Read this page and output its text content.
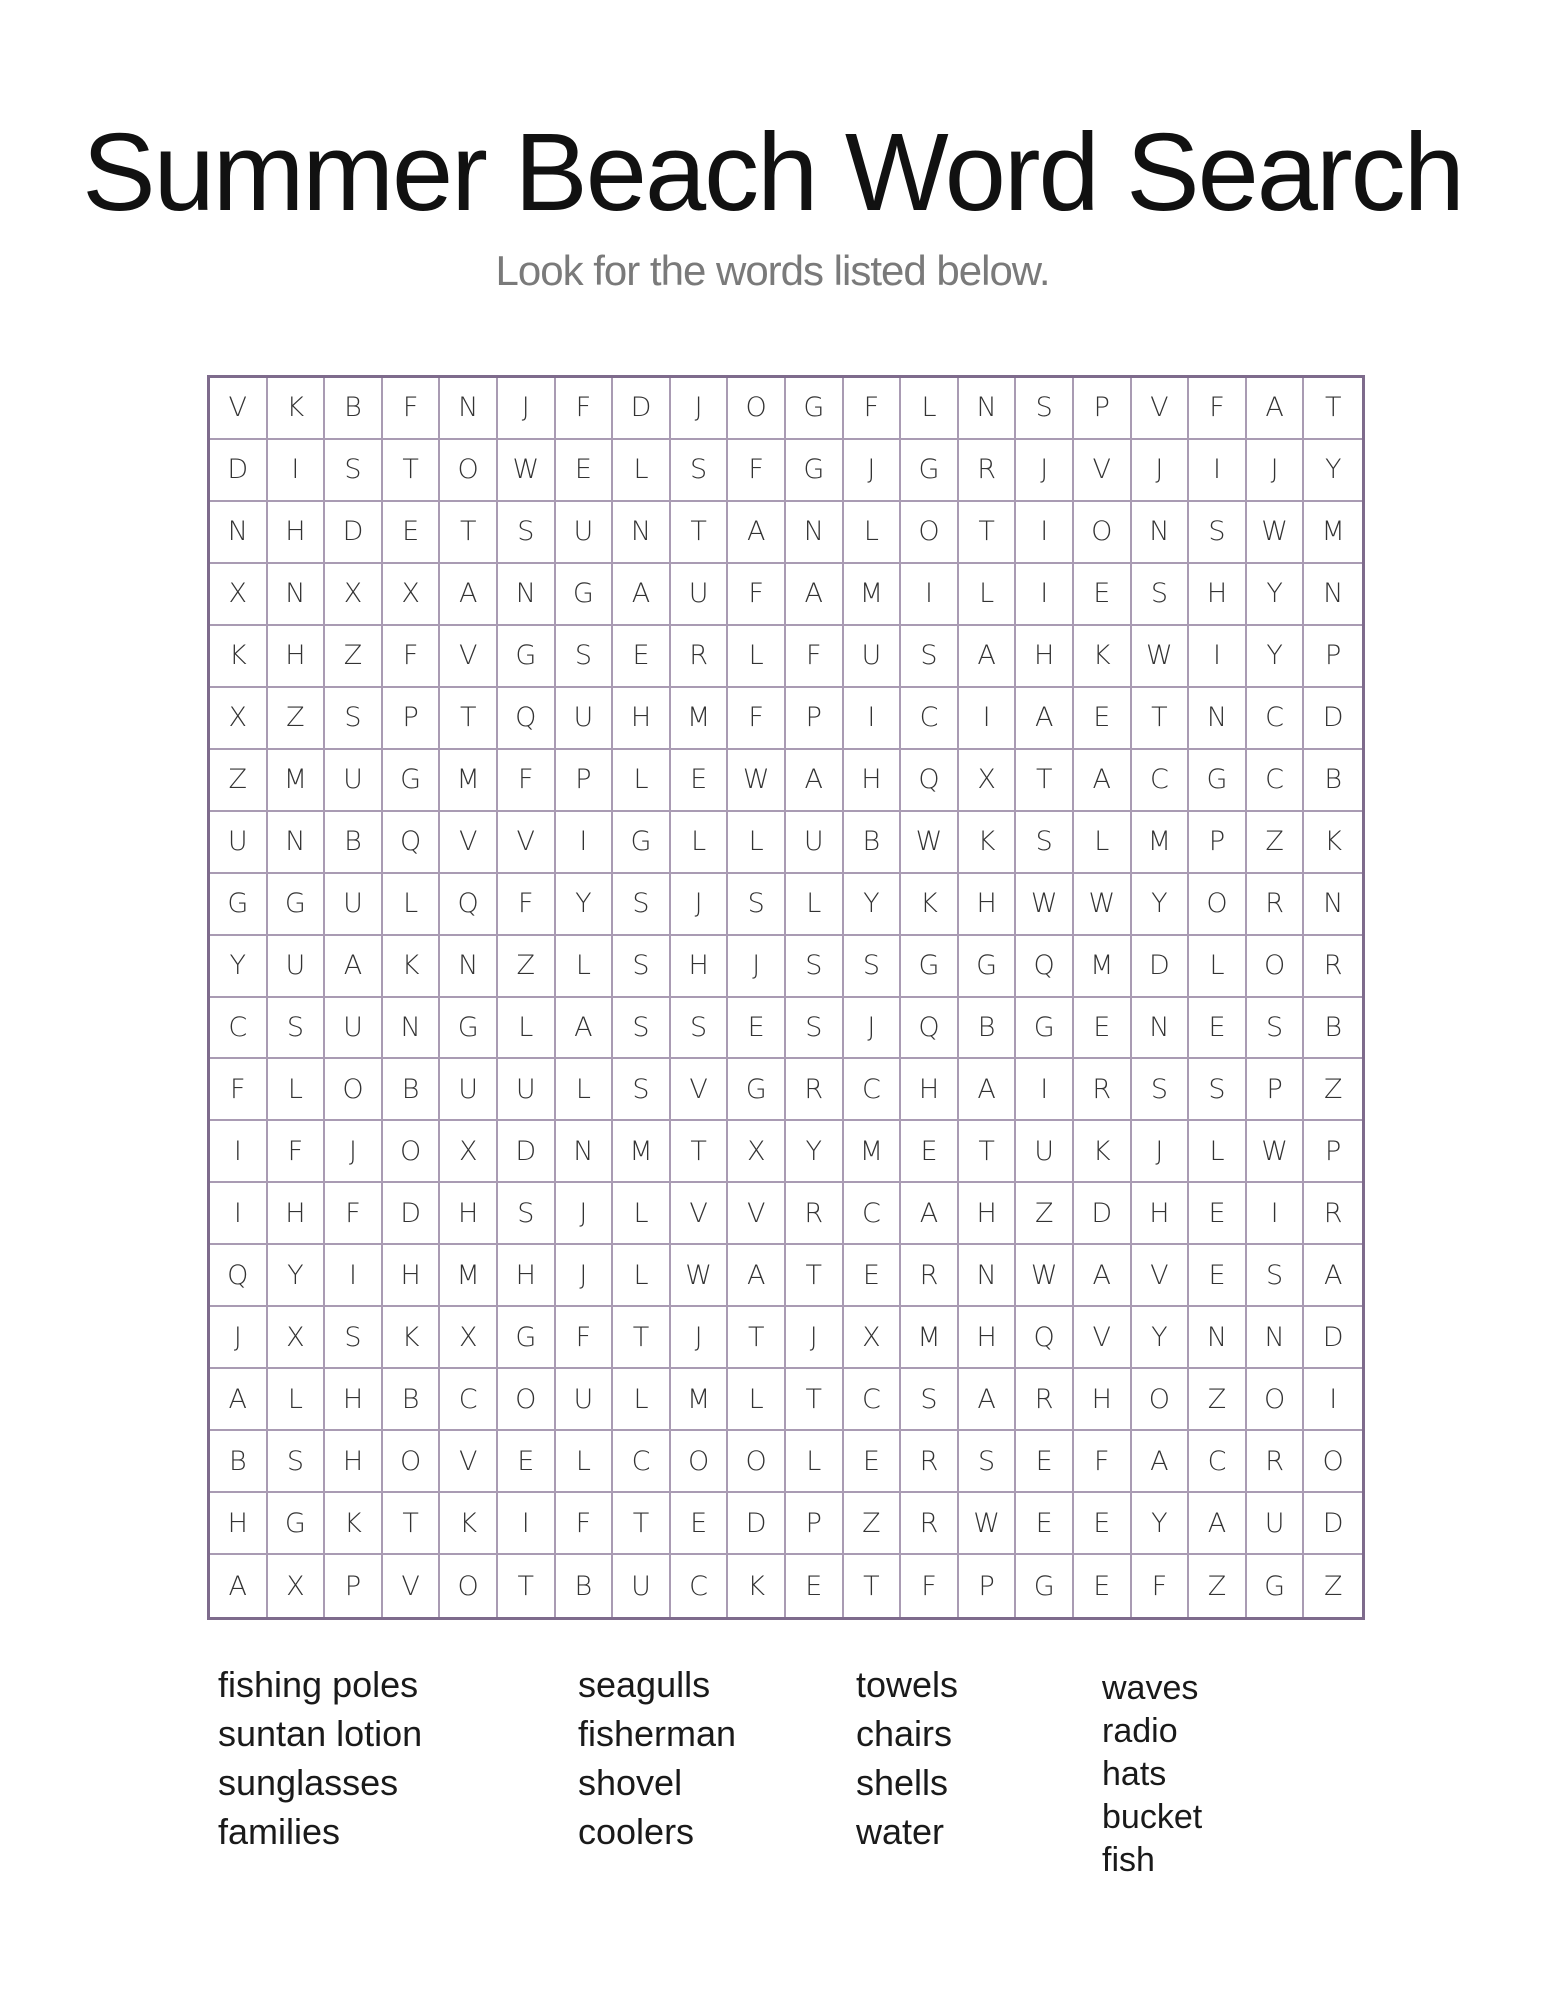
Summer Beach Word Search
Look for the words listed below.
V	K	B	F	N	J	F	D	J	O	G	F	L	N	S	P	V	F	A	T
D	I	S	T	O	W	E	L	S	F	G	J	G	R	J	V	J	I	J	Y
N	H	D	E	T	S	U	N	T	A	N	L	O	T	I	O	N	S	W	M
X	N	X	X	A	N	G	A	U	F	A	M	I	L	I	E	S	H	Y	N
K	H	Z	F	V	G	S	E	R	L	F	U	S	A	H	K	W	I	Y	P
X	Z	S	P	T	Q	U	H	M	F	P	I	C	I	A	E	T	N	C	D
Z	M	U	G	M	F	P	L	E	W	A	H	Q	X	T	A	C	G	C	B
U	N	B	Q	V	V	I	G	L	L	U	B	W	K	S	L	M	P	Z	K
G	G	U	L	Q	F	Y	S	J	S	L	Y	K	H	W	W	Y	O	R	N
Y	U	A	K	N	Z	L	S	H	J	S	S	G	G	Q	M	D	L	O	R
C	S	U	N	G	L	A	S	S	E	S	J	Q	B	G	E	N	E	S	B
F	L	O	B	U	U	L	S	V	G	R	C	H	A	I	R	S	S	P	Z
I	F	J	O	X	D	N	M	T	X	Y	M	E	T	U	K	J	L	W	P
I	H	F	D	H	S	J	L	V	V	R	C	A	H	Z	D	H	E	I	R
Q	Y	I	H	M	H	J	L	W	A	T	E	R	N	W	A	V	E	S	A
J	X	S	K	X	G	F	T	J	T	J	X	M	H	Q	V	Y	N	N	D
A	L	H	B	C	O	U	L	M	L	T	C	S	A	R	H	O	Z	O	I
B	S	H	O	V	E	L	C	O	O	L	E	R	S	E	F	A	C	R	O
H	G	K	T	K	I	F	T	E	D	P	Z	R	W	E	E	Y	A	U	D
A	X	P	V	O	T	B	U	C	K	E	T	F	P	G	E	F	Z	G	Z
fishing poles
suntan lotion
sunglasses
families
seagulls
fisherman
shovel
coolers
towels
chairs
shells
water
waves
radio
hats
bucket
fish
